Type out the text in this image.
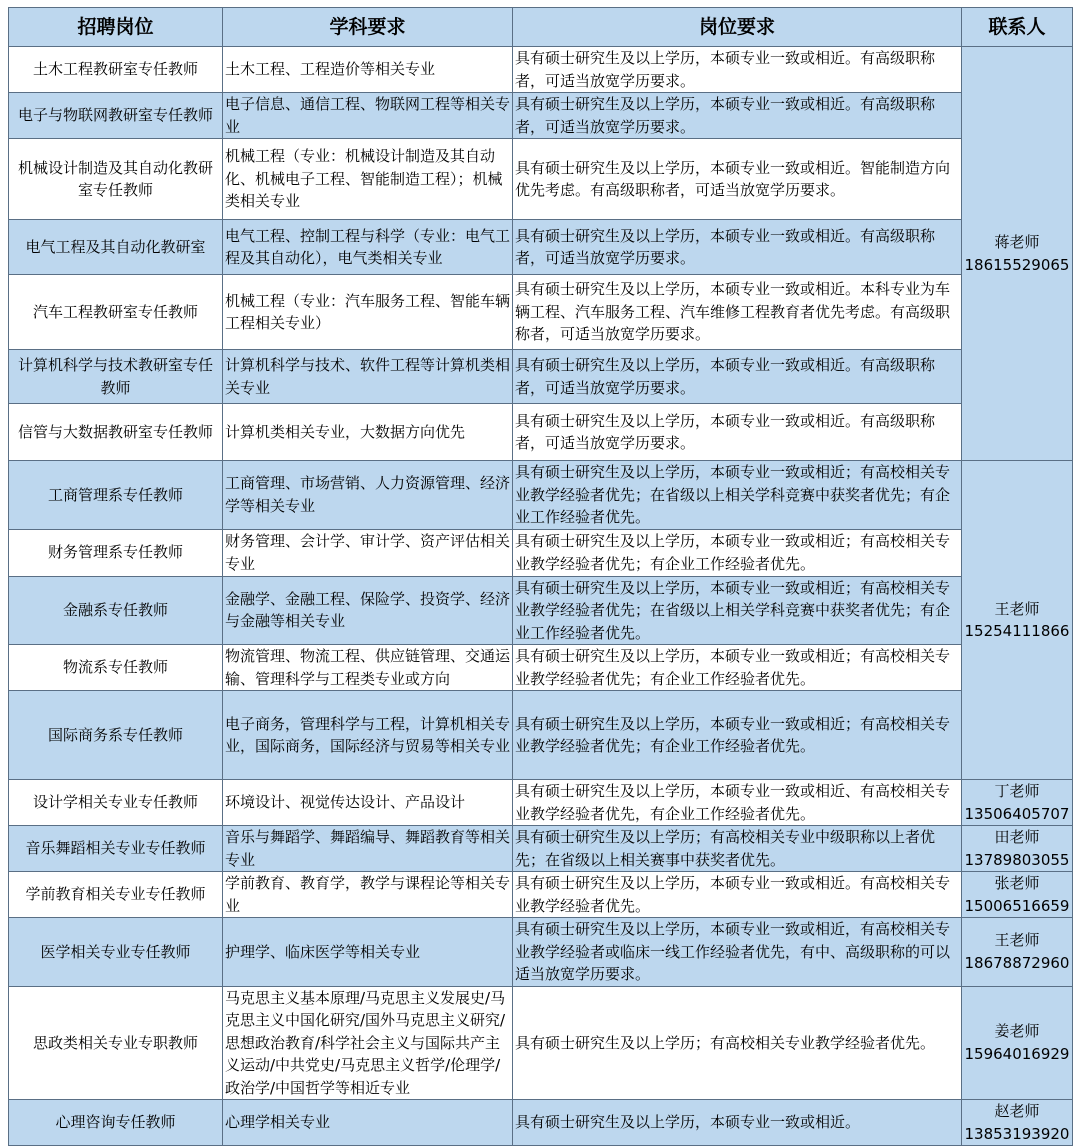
招聘岗位	学科要求	岗位要求	联系人
土木工程教研室专任教师	土木工程、工程造价等相关专业	具有硕士研究生及以上学历，本硕专业一致或相近。有高级职称者，可适当放宽学历要求。	蒋老师
18615529065

电子与物联网教研室专任教师	电子信息、通信工程、物联网工程等相关专业	具有硕士研究生及以上学历，本硕专业一致或相近。有高级职称者，可适当放宽学历要求。	
机械设计制造及其自动化教研室专任教师	机械工程（专业：机械设计制造及其自动化、机械电子工程、智能制造工程）；机械类相关专业	具有硕士研究生及以上学历，本硕专业一致或相近。智能制造方向优先考虑。有高级职称者，可适当放宽学历要求。	
电气工程及其自动化教研室	电气工程、控制工程与科学（专业：电气工程及其自动化），电气类相关专业	具有硕士研究生及以上学历，本硕专业一致或相近。有高级职称者，可适当放宽学历要求。	
汽车工程教研室专任教师	机械工程（专业：汽车服务工程、智能车辆工程相关专业）	具有硕士研究生及以上学历，本硕专业一致或相近。本科专业为车辆工程、汽车服务工程、汽车维修工程教育者优先考虑。有高级职称者，可适当放宽学历要求。	
计算机科学与技术教研室专任教师	计算机科学与技术、软件工程等计算机类相关专业	具有硕士研究生及以上学历，本硕专业一致或相近。有高级职称者，可适当放宽学历要求。	
信管与大数据教研室专任教师	计算机类相关专业，大数据方向优先	具有硕士研究生及以上学历，本硕专业一致或相近。有高级职称者，可适当放宽学历要求。	
工商管理系专任教师	工商管理、市场营销、人力资源管理、经济学等相关专业	具有硕士研究生及以上学历，本硕专业一致或相近；有高校相关专业教学经验者优先；在省级以上相关学科竞赛中获奖者优先；有企业工作经验者优先。	王老师
15254111866

财务管理系专任教师	财务管理、会计学、审计学、资产评估相关专业	具有硕士研究生及以上学历，本硕专业一致或相近；有高校相关专业教学经验者优先；有企业工作经验者优先。	
金融系专任教师	金融学、金融工程、保险学、投资学、经济与金融等相关专业	具有硕士研究生及以上学历，本硕专业一致或相近；有高校相关专业教学经验者优先；在省级以上相关学科竞赛中获奖者优先；有企业工作经验者优先。	
物流系专任教师	物流管理、物流工程、供应链管理、交通运输、管理科学与工程类专业或方向	具有硕士研究生及以上学历，本硕专业一致或相近；有高校相关专业教学经验者优先；有企业工作经验者优先。	
国际商务系专任教师	电子商务，管理科学与工程，计算机相关专业，国际商务，国际经济与贸易等相关专业	具有硕士研究生及以上学历，本硕专业一致或相近；有高校相关专业教学经验者优先；有企业工作经验者优先。	
设计学相关专业专任教师	环境设计、视觉传达设计、产品设计	具有硕士研究生及以上学历，本硕专业一致或相近、有高校相关专业教学经验者优先，有企业工作经验者优先。	丁老师
13506405707

音乐舞蹈相关专业专任教师	音乐与舞蹈学、舞蹈编导、舞蹈教育等相关专业	具有硕士研究生及以上学历；有高校相关专业中级职称以上者优先；在省级以上相关赛事中获奖者优先。	田老师
13789803055

学前教育相关专业专任教师	学前教育、教育学，教学与课程论等相关专业	具有硕士研究生及以上学历，本硕专业一致或相近。有高校相关专业教学经验者优先。	张老师
15006516659

医学相关专业专任教师	护理学、临床医学等相关专业	具有硕士研究生及以上学历，本硕专业一致或相近，有高校相关专业教学经验者或临床一线工作经验者优先，有中、高级职称的可以适当放宽学历要求。	王老师
18678872960

思政类相关专业专职教师	马克思主义基本原理/马克思主义发展史/马克思主义中国化研究/国外马克思主义研究/思想政治教育/科学社会主义与国际共产主义运动/中共党史/马克思主义哲学/伦理学/政治学/中国哲学等相近专业	具有硕士研究生及以上学历；有高校相关专业教学经验者优先。	姜老师
15964016929

心理咨询专任教师	心理学相关专业	具有硕士研究生及以上学历，本硕专业一致或相近。	赵老师
13853193920
